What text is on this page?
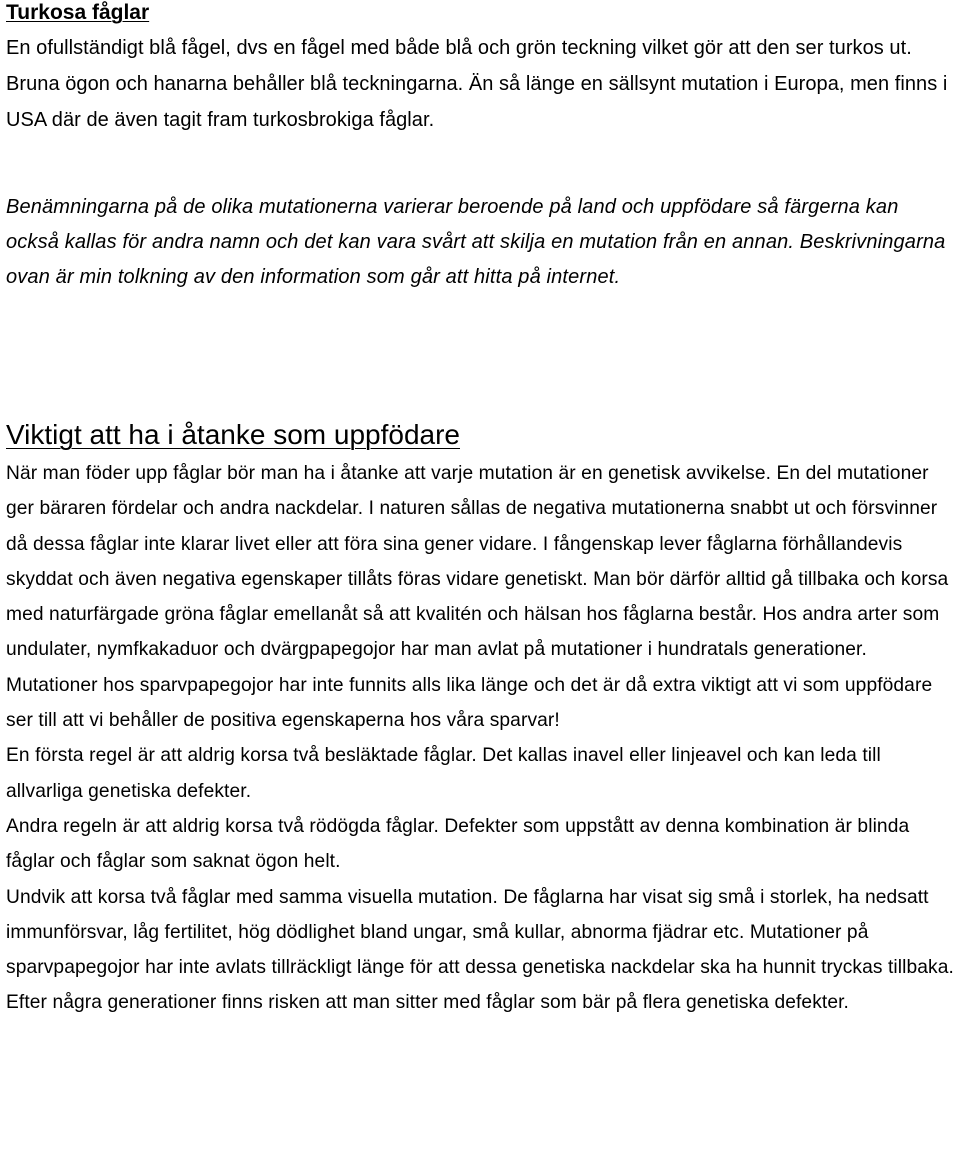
Turkosa fåglar

En ofullständigt blå fågel, dvs en fågel med både blå och grön teckning vilket gör att den ser turkos ut. Bruna ögon och hanarna behåller blå teckningarna. Än så länge en sällsynt mutation i Europa, men finns i USA där de även tagit fram turkosbrokiga fåglar.

Benämningarna på de olika mutationerna varierar beroende på land och uppfödare så färgerna kan också kallas för andra namn och det kan vara svårt att skilja en mutation från en annan. Beskrivningarna ovan är min tolkning av den information som går att hitta på internet.

Viktigt att ha i åtanke som uppfödare

När man föder upp fåglar bör man ha i åtanke att varje mutation är en genetisk avvikelse. En del mutationer ger bäraren fördelar och andra nackdelar. I naturen sållas de negativa mutationerna snabbt ut och försvinner då dessa fåglar inte klarar livet eller att föra sina gener vidare. I fångenskap lever fåglarna förhållandevis skyddat och även negativa egenskaper tillåts föras vidare genetiskt. Man bör därför alltid gå tillbaka och korsa med naturfärgade gröna fåglar emellanåt så att kvalitén och hälsan hos fåglarna består. Hos andra arter som undulater, nymfkakaduor och dvärgpapegojor har man avlat på mutationer i hundratals generationer. Mutationer hos sparvpapegojor har inte funnits alls lika länge och det är då extra viktigt att vi som uppfödare ser till att vi behåller de positiva egenskaperna hos våra sparvar!

En första regel är att aldrig korsa två besläktade fåglar. Det kallas inavel eller linjeavel och kan leda till allvarliga genetiska defekter.

Andra regeln är att aldrig korsa två rödögda fåglar. Defekter som uppstått av denna kombination är blinda fåglar och fåglar som saknat ögon helt.

Undvik att korsa två fåglar med samma visuella mutation. De fåglarna har visat sig små i storlek, ha nedsatt immunförsvar, låg fertilitet, hög dödlighet bland ungar, små kullar, abnorma fjädrar etc. Mutationer på sparvpapegojor har inte avlats tillräckligt länge för att dessa genetiska nackdelar ska ha hunnit tryckas tillbaka. Efter några generationer finns risken att man sitter med fåglar som bär på flera genetiska defekter.
